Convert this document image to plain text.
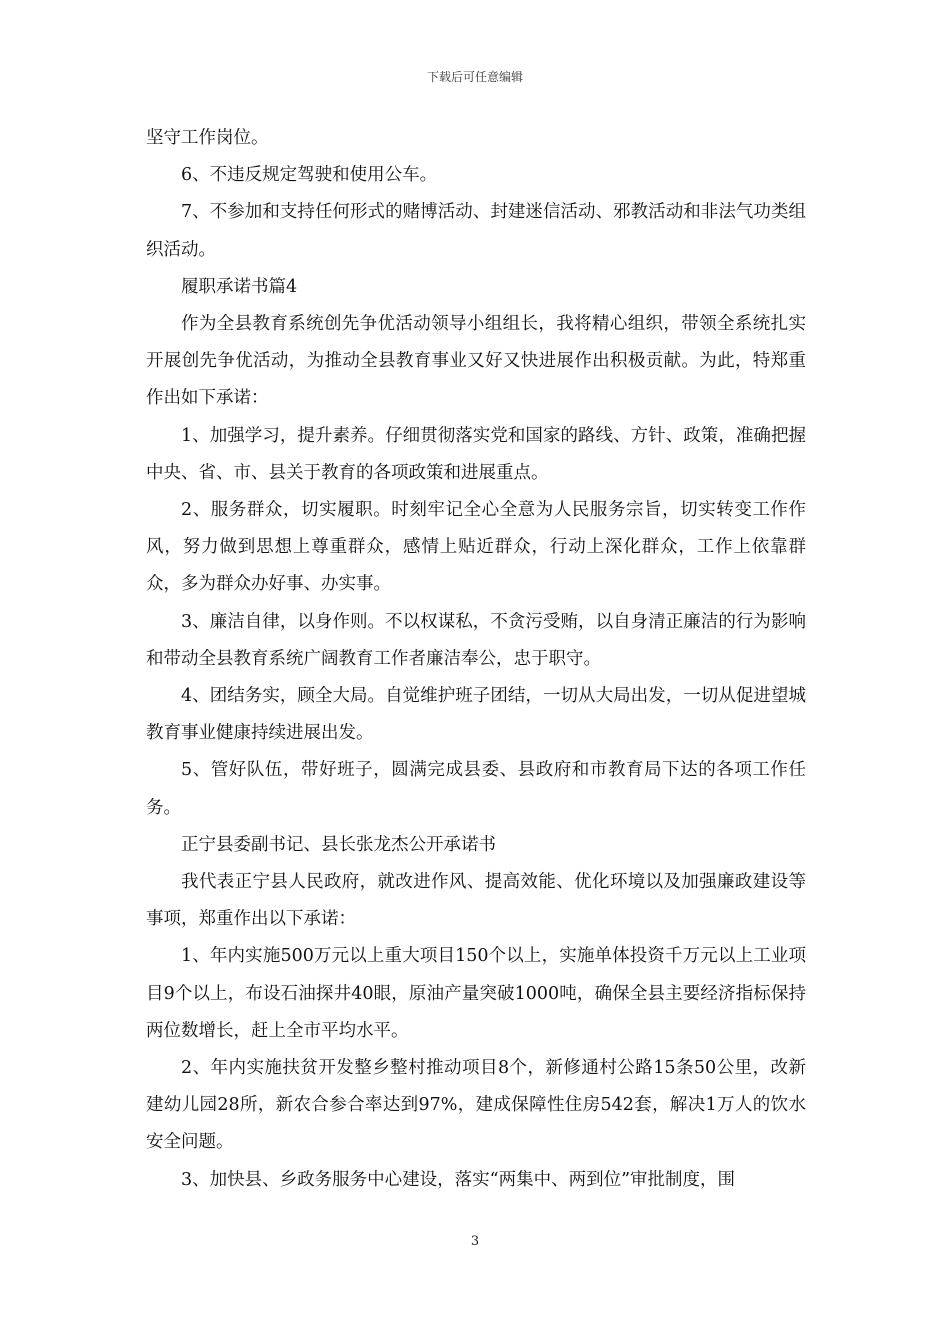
下载后可任意编辑

坚守工作岗位。

6、不违反规定驾驶和使用公车。

7、不参加和支持任何形式的赌博活动、封建迷信活动、邪教活动和非法气功类组织活动。

履职承诺书篇4

作为全县教育系统创先争优活动领导小组组长，我将精心组织，带领全系统扎实开展创先争优活动，为推动全县教育事业又好又快进展作出积极贡献。为此，特郑重作出如下承诺：

1、加强学习，提升素养。仔细贯彻落实党和国家的路线、方针、政策，准确把握中央、省、市、县关于教育的各项政策和进展重点。

2、服务群众，切实履职。时刻牢记全心全意为人民服务宗旨，切实转变工作作风，努力做到思想上尊重群众，感情上贴近群众，行动上深化群众，工作上依靠群众，多为群众办好事、办实事。

3、廉洁自律，以身作则。不以权谋私，不贪污受贿，以自身清正廉洁的行为影响和带动全县教育系统广阔教育工作者廉洁奉公，忠于职守。

4、团结务实，顾全大局。自觉维护班子团结，一切从大局出发，一切从促进望城教育事业健康持续进展出发。

5、管好队伍，带好班子，圆满完成县委、县政府和市教育局下达的各项工作任务。

正宁县委副书记、县长张龙杰公开承诺书

我代表正宁县人民政府，就改进作风、提高效能、优化环境以及加强廉政建设等事项，郑重作出以下承诺：

1、年内实施500万元以上重大项目150个以上，实施单体投资千万元以上工业项目9个以上，布设石油探井40眼，原油产量突破1000吨，确保全县主要经济指标保持两位数增长，赶上全市平均水平。

2、年内实施扶贫开发整乡整村推动项目8个，新修通村公路15条50公里，改新建幼儿园28所，新农合参合率达到97%，建成保障性住房542套，解决1万人的饮水安全问题。

3、加快县、乡政务服务中心建设，落实“两集中、两到位”审批制度，围

3
